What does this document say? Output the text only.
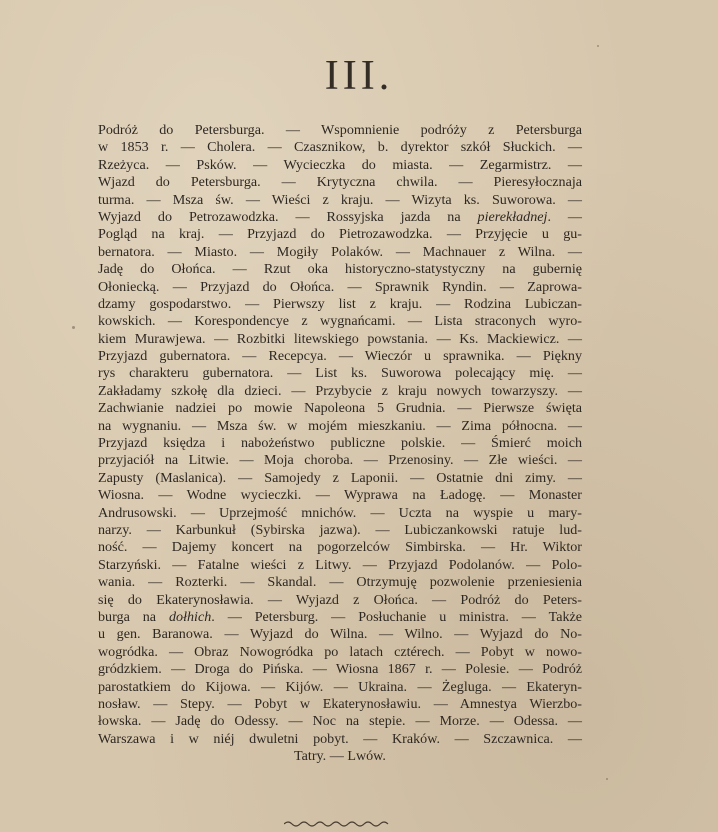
III.
Podróż do Petersburga. — Wspomnienie podróży z Petersburga
w 1853 r. — Cholera. — Czasznikow, b. dyrektor szkół Słuckich. —
Rzeżyca. — Psków. — Wycieczka do miasta. — Zegarmistrz. —
Wjazd do Petersburga. — Krytyczna chwila. — Pieresyłocznaja
turma. — Msza św. — Wieści z kraju. — Wizyta ks. Suworowa. —
Wyjazd do Petrozawodzka. — Rossyjska jazda na pierekładnej. —
Pogląd na kraj. — Przyjazd do Pietrozawodzka. — Przyjęcie u gu-
bernatora. — Miasto. — Mogiły Polaków. — Machnauer z Wilna. —
Jadę do Ołońca. — Rzut oka historyczno-statystyczny na gubernię
Ołoniecką. — Przyjazd do Ołońca. — Sprawnik Ryndin. — Zaprowa-
dzamy gospodarstwo. — Pierwszy list z kraju. — Rodzina Lubiczan-
kowskich. — Korespondencye z wygnańcami. — Lista straconych wyro-
kiem Murawjewa. — Rozbitki litewskiego powstania. — Ks. Mackiewicz. —
Przyjazd gubernatora. — Recepcya. — Wieczór u sprawnika. — Piękny
rys charakteru gubernatora. — List ks. Suworowa polecający mię. —
Zakładamy szkołę dla dzieci. — Przybycie z kraju nowych towarzyszy. —
Zachwianie nadziei po mowie Napoleona 5 Grudnia. — Pierwsze święta
na wygnaniu. — Msza św. w mojém mieszkaniu. — Zima północna. —
Przyjazd księdza i nabożeństwo publiczne polskie. — Śmierć moich
przyjaciół na Litwie. — Moja choroba. — Przenosiny. — Złe wieści. —
Zapusty (Maslanica). — Samojedy z Laponii. — Ostatnie dni zimy. —
Wiosna. — Wodne wycieczki. — Wyprawa na Ładogę. — Monaster
Andrusowski. — Uprzejmość mnichów. — Uczta na wyspie u mary-
narzy. — Karbunkuł (Sybirska jazwa). — Lubiczankowski ratuje lud-
ność. — Dajemy koncert na pogorzelców Simbirska. — Hr. Wiktor
Starzyński. — Fatalne wieści z Litwy. — Przyjazd Podolanów. — Polo-
wania. — Rozterki. — Skandal. — Otrzymuję pozwolenie przeniesienia
się do Ekaterynosławia. — Wyjazd z Ołońca. — Podróż do Peters-
burga na dołhich. — Petersburg. — Posłuchanie u ministra. — Także
u gen. Baranowa. — Wyjazd do Wilna. — Wilno. — Wyjazd do No-
wogródka. — Obraz Nowogródka po latach cztérech. — Pobyt w nowo-
gródzkiem. — Droga do Pińska. — Wiosna 1867 r. — Polesie. — Podróż
parostatkiem do Kijowa. — Kijów. — Ukraina. — Żegluga. — Ekateryn-
nosław. — Stepy. — Pobyt w Ekaterynosławiu. — Amnestya Wierzbo-
łowska. — Jadę do Odessy. — Noc na stepie. — Morze. — Odessa. —
Warszawa i w niéj dwuletni pobyt. — Kraków. — Szczawnica. —
Tatry. — Lwów.
